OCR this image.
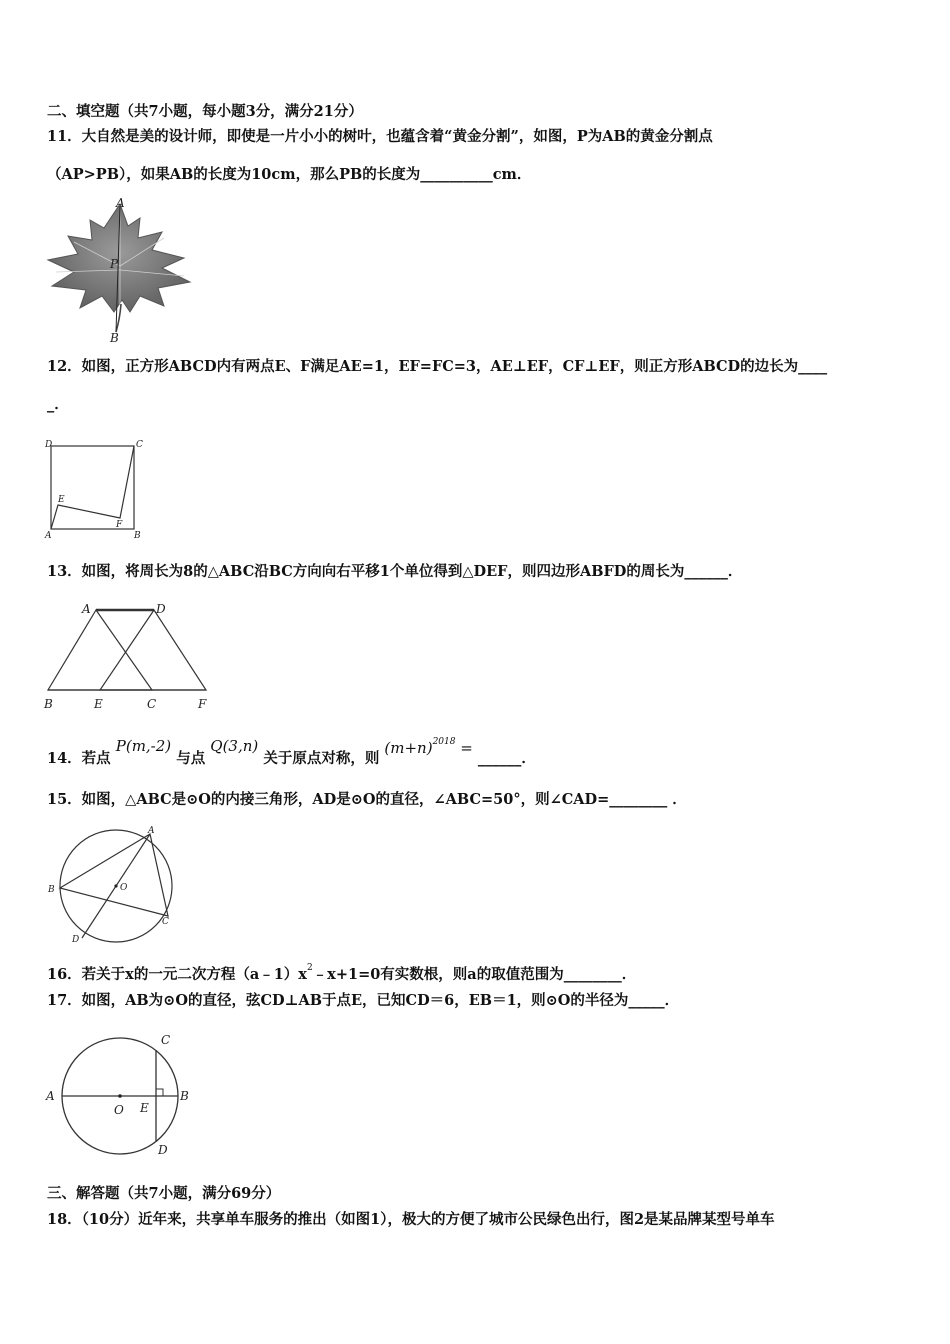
二、填空题（共7小题，每小题3分，满分21分）
11．大自然是美的设计师，即使是一片小小的树叶，也蕴含着“黄金分割”，如图，P为AB的黄金分割点
（AP>PB），如果AB的长度为10cm，那么PB的长度为__________cm．
A
P
B
12．如图，正方形ABCD内有两点E、F满足AE=1，EF=FC=3，AE⊥EF，CF⊥EF，则正方形ABCD的边长为____
_．
D	C
E
F
A	B
13．如图，将周长为8的△ABC沿BC方向向右平移1个单位得到△DEF，则四边形ABFD的周长为______．
A	D
B	E	C	F
14．若点 P(m,-2) 与点 Q(3,n) 关于原点对称，则 $(m+n)^{2018}$ = ______．
15．如图，△ABC是⊙O的内接三角形，AD是⊙O的直径，∠ABC=50°，则∠CAD=________ ．
A
B	O
C
D
16．若关于x的一元二次方程$(a﹣1)x^2﹣x+1=0$有实数根，则a的取值范围为________．
17．如图，AB为⊙O的直径，弦CD⊥AB于点E，已知CD＝6，EB＝1，则⊙O的半径为_____．
C
A
O E
B
D
三、解答题（共7小题，满分69分）
18．（10分）近年来，共享单车服务的推出（如图1），极大的方便了城市公民绿色出行，图2是某品牌某型号单车
